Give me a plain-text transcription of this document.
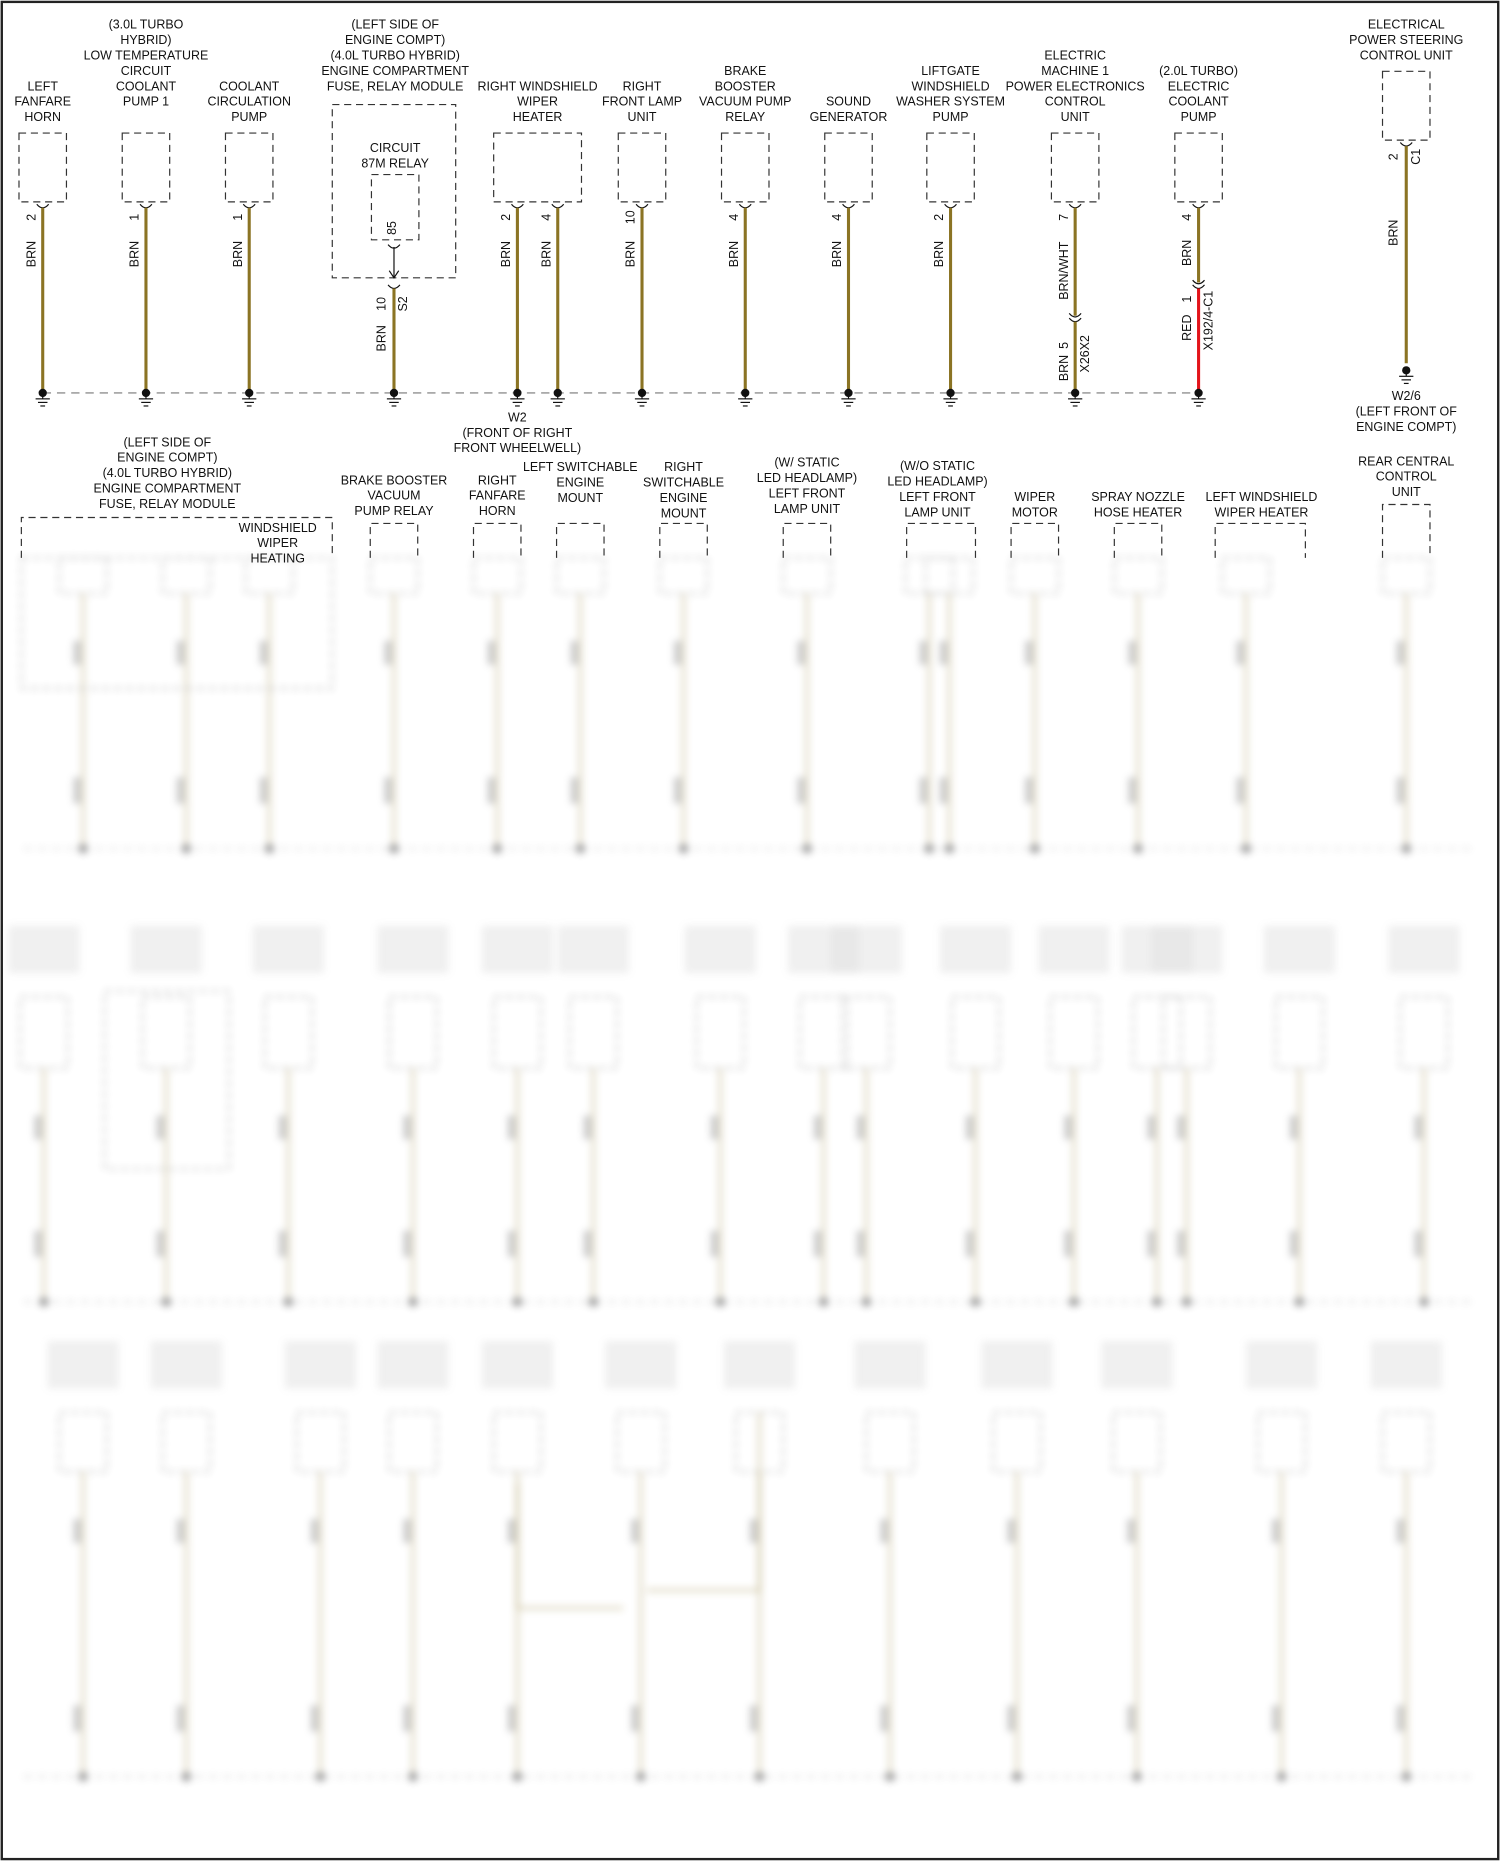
LEFT
FANFARE
HORN
2
BRN
(3.0L TURBO
HYBRID)
LOW TEMPERATURE
CIRCUIT
COOLANT
PUMP 1
1
BRN
COOLANT
CIRCULATION
PUMP
1
BRN
(LEFT SIDE OF
ENGINE COMPT)
(4.0L TURBO HYBRID)
ENGINE COMPARTMENT
FUSE, RELAY MODULE
CIRCUIT
87M RELAY
85
10 S2
BRN
RIGHT WINDSHIELD
WIPER
HEATER
2
BRN
4
BRN
RIGHT
FRONT LAMP
UNIT
10
BRN
BRAKE
BOOSTER
VACUUM PUMP
RELAY
4
BRN
SOUND
GENERATOR
4
BRN
LIFTGATE
WINDSHIELD
WASHER SYSTEM
PUMP
2
BRN
ELECTRIC
MACHINE 1
POWER ELECTRONICS
CONTROL
UNIT
7
BRN/WHT
5
BRN X26X2
(2.0L TURBO)
ELECTRIC
COOLANT
PUMP
4
BRN
1
RED X192/4-C1
ELECTRICAL
POWER STEERING
CONTROL UNIT
2 C1
BRN
W2/6
(LEFT FRONT OF
ENGINE COMPT)
W2
(FRONT OF RIGHT
FRONT WHEELWELL)
(LEFT SIDE OF
ENGINE COMPT)
(4.0L TURBO HYBRID)
ENGINE COMPARTMENT
FUSE, RELAY MODULE
WINDSHIELD
WIPER
HEATING
BRAKE BOOSTER
VACUUM
PUMP RELAY
RIGHT
FANFARE
HORN
LEFT SWITCHABLE
ENGINE
MOUNT
RIGHT
SWITCHABLE
ENGINE
MOUNT
(W/ STATIC
LED HEADLAMP)
LEFT FRONT
LAMP UNIT
(W/O STATIC
LED HEADLAMP)
LEFT FRONT
LAMP UNIT
WIPER
MOTOR
SPRAY NOZZLE
HOSE HEATER
LEFT WINDSHIELD
WIPER HEATER
REAR CENTRAL
CONTROL
UNIT
